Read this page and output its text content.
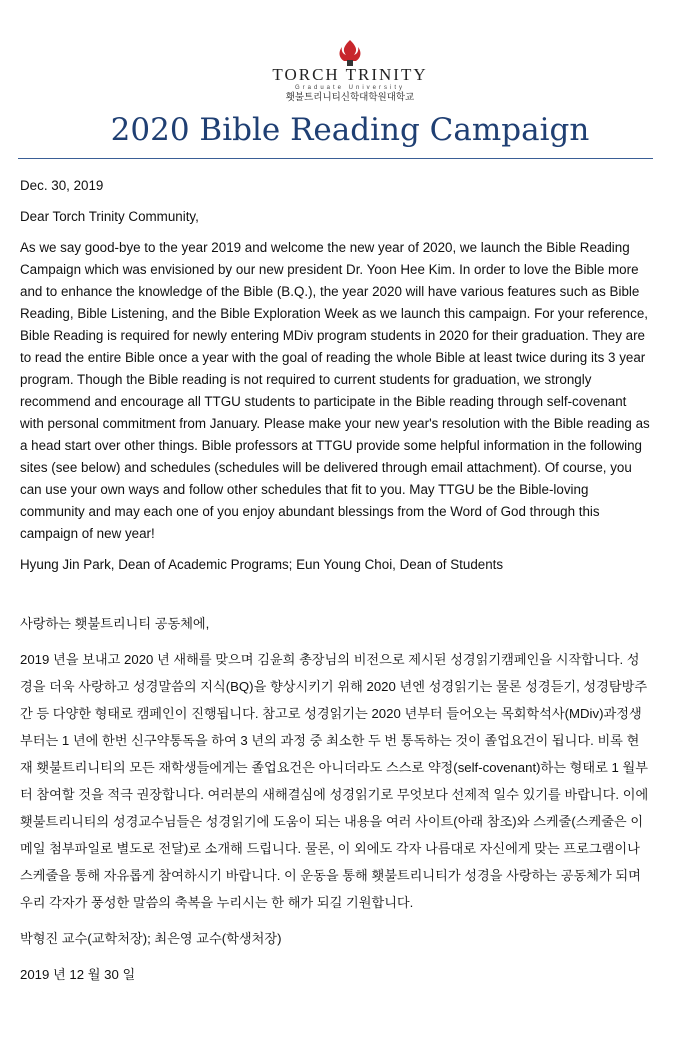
TORCH TRINITY
Graduate University
횃불트리니티신학대학원대학교
2020 Bible Reading Campaign

Dec. 30, 2019

Dear Torch Trinity Community,

As we say good-bye to the year 2019 and welcome the new year of 2020, we launch the Bible Reading Campaign which was envisioned by our new president Dr. Yoon Hee Kim. In order to love the Bible more and to enhance the knowledge of the Bible (B.Q.), the year 2020 will have various features such as Bible Reading, Bible Listening, and the Bible Exploration Week as we launch this campaign. For your reference, Bible Reading is required for newly entering MDiv program students in 2020 for their graduation. They are to read the entire Bible once a year with the goal of reading the whole Bible at least twice during its 3 year program. Though the Bible reading is not required to current students for graduation, we strongly recommend and encourage all TTGU students to participate in the Bible reading through self-covenant with personal commitment from January. Please make your new year's resolution with the Bible reading as a head start over other things. Bible professors at TTGU provide some helpful information in the following sites (see below) and schedules (schedules will be delivered through email attachment). Of course, you can use your own ways and follow other schedules that fit to you. May TTGU be the Bible-loving community and may each one of you enjoy abundant blessings from the Word of God through this campaign of new year!

Hyung Jin Park, Dean of Academic Programs; Eun Young Choi, Dean of Students

사랑하는 횃불트리니티 공동체에,

2019 년을 보내고 2020 년 새해를 맞으며 김윤희 총장님의 비전으로 제시된 성경읽기캠페인을 시작합니다. 성경을 더욱 사랑하고 성경말씀의 지식(BQ)을 향상시키기 위해 2020 년엔 성경읽기는 물론 성경듣기, 성경탐방주간 등 다양한 형태로 캠페인이 진행됩니다. 참고로 성경읽기는 2020 년부터 들어오는 목회학석사(MDiv)과정생부터는 1 년에 한번 신구약통독을 하여 3 년의 과정 중 최소한 두 번 통독하는 것이 졸업요건이 됩니다. 비록 현재 횃불트리니티의 모든 재학생들에게는 졸업요건은 아니더라도 스스로 약정(self-covenant)하는 형태로 1 월부터 참여할 것을 적극 권장합니다. 여러분의 새해결심에 성경읽기로 무엇보다 선제적 일수 있기를 바랍니다. 이에 횃불트리니티의 성경교수님들은 성경읽기에 도움이 되는 내용을 여러 사이트(아래 참조)와 스케줄(스케줄은 이메일 첨부파일로 별도로 전달)로 소개해 드립니다. 물론, 이 외에도 각자 나름대로 자신에게 맞는 프로그램이나 스케줄을 통해 자유롭게 참여하시기 바랍니다. 이 운동을 통해 횃불트리니티가 성경을 사랑하는 공동체가 되며 우리 각자가 풍성한 말씀의 축복을 누리시는 한 해가 되길 기원합니다.

박형진 교수(교학처장); 최은영 교수(학생처장)

2019 년 12 월 30 일
